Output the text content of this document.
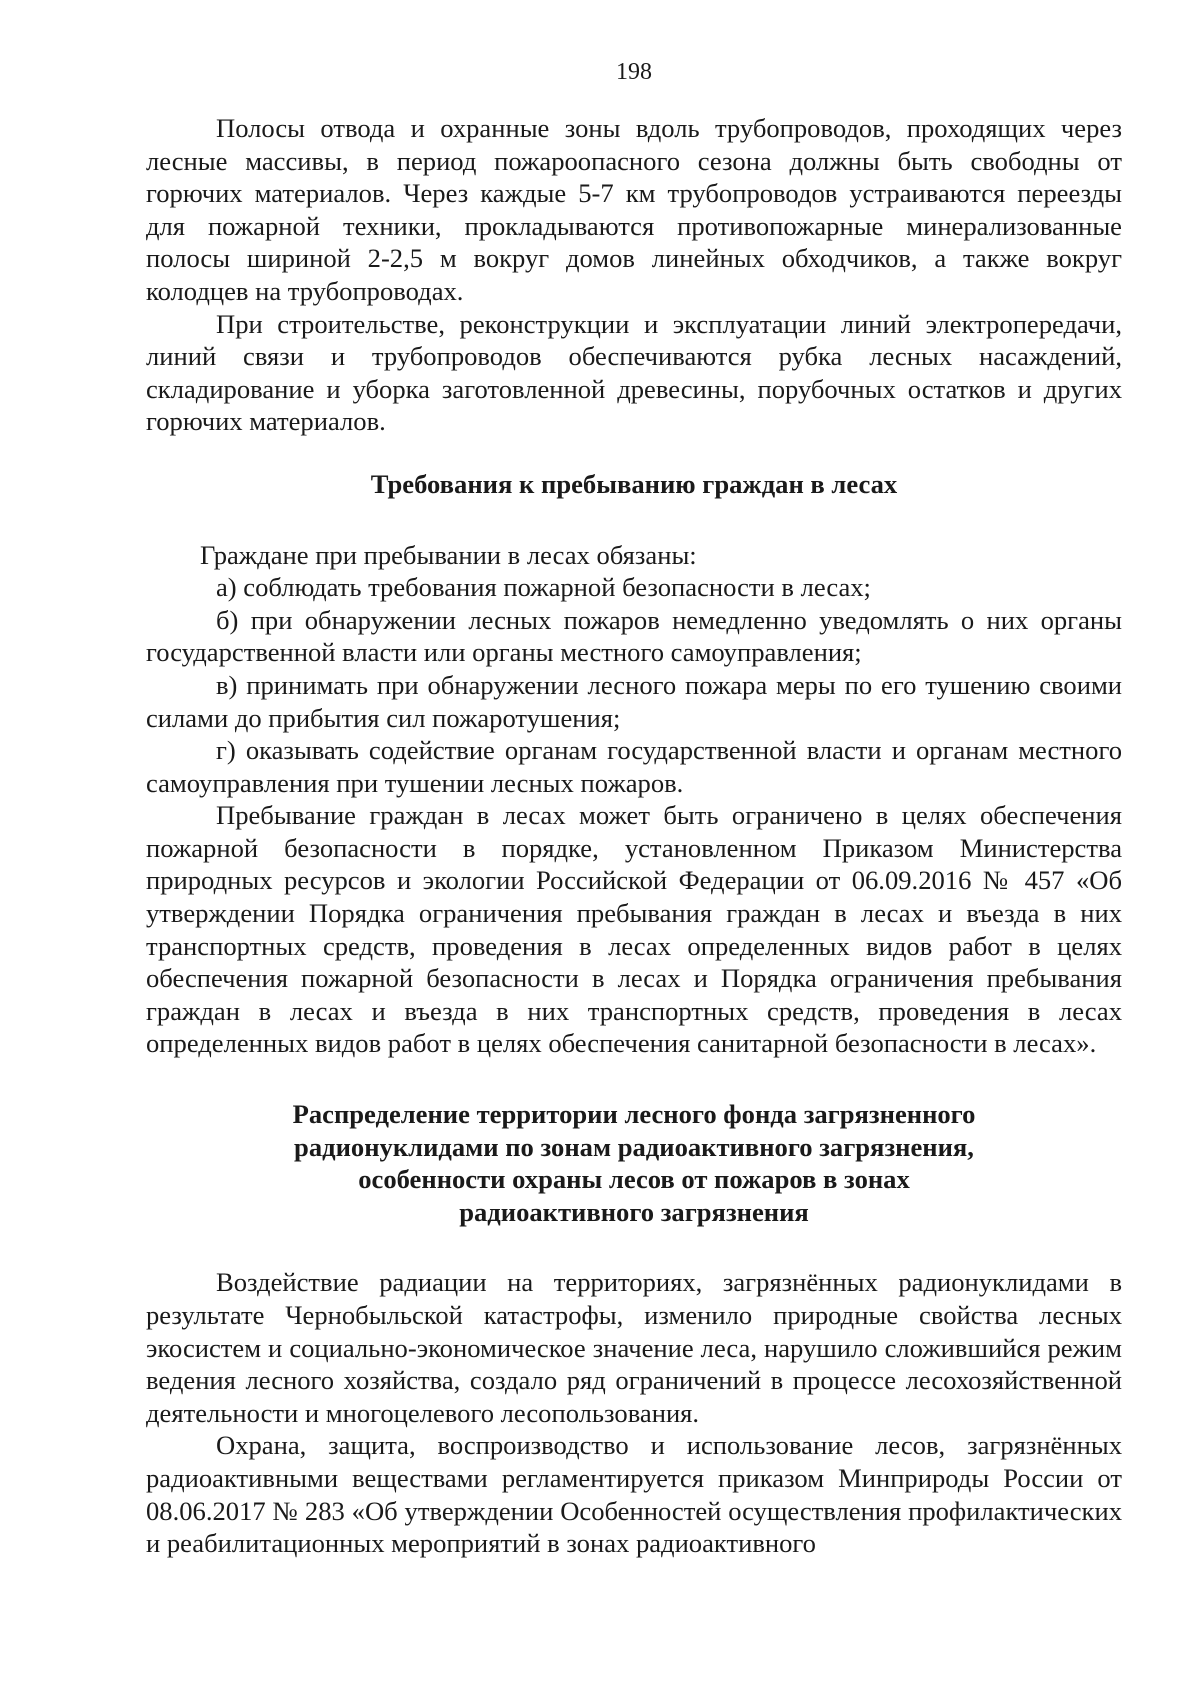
198

Полосы отвода и охранные зоны вдоль трубопроводов, проходящих через лесные массивы, в период пожароопасного сезона должны быть свободны от горючих материалов. Через каждые 5-7 км трубопроводов устраиваются переезды для пожарной техники, прокладываются противопожарные минерализованные полосы шириной 2-2,5 м вокруг домов линейных обходчиков, а также вокруг колодцев на трубопроводах.

При строительстве, реконструкции и эксплуатации линий электропередачи, линий связи и трубопроводов обеспечиваются рубка лесных насаждений, складирование и уборка заготовленной древесины, порубочных остатков и других горючих материалов.

Требования к пребыванию граждан в лесах

Граждане при пребывании в лесах обязаны:

а) соблюдать требования пожарной безопасности в лесах;

б) при обнаружении лесных пожаров немедленно уведомлять о них органы государственной власти или органы местного самоуправления;

в) принимать при обнаружении лесного пожара меры по его тушению своими силами до прибытия сил пожаротушения;

г) оказывать содействие органам государственной власти и органам местного самоуправления при тушении лесных пожаров.

Пребывание граждан в лесах может быть ограничено в целях обеспечения пожарной безопасности в порядке, установленном Приказом Министерства природных ресурсов и экологии Российской Федерации от 06.09.2016 № 457 «Об утверждении Порядка ограничения пребывания граждан в лесах и въезда в них транспортных средств, проведения в лесах определенных видов работ в целях обеспечения пожарной безопасности в лесах и Порядка ограничения пребывания граждан в лесах и въезда в них транспортных средств, проведения в лесах определенных видов работ в целях обеспечения санитарной безопасности в лесах».

Распределение территории лесного фонда загрязненного
радионуклидами по зонам радиоактивного загрязнения,
особенности охраны лесов от пожаров в зонах
радиоактивного загрязнения

Воздействие радиации на территориях, загрязнённых радионуклидами в результате Чернобыльской катастрофы, изменило природные свойства лесных экосистем и социально-экономическое значение леса, нарушило сложившийся режим ведения лесного хозяйства, создало ряд ограничений в процессе лесохозяйственной деятельности и многоцелевого лесопользования.

Охрана, защита, воспроизводство и использование лесов, загрязнённых радиоактивными веществами регламентируется приказом Минприроды России от 08.06.2017 № 283 «Об утверждении Особенностей осуществления профилактических и реабилитационных мероприятий в зонах радиоактивного
